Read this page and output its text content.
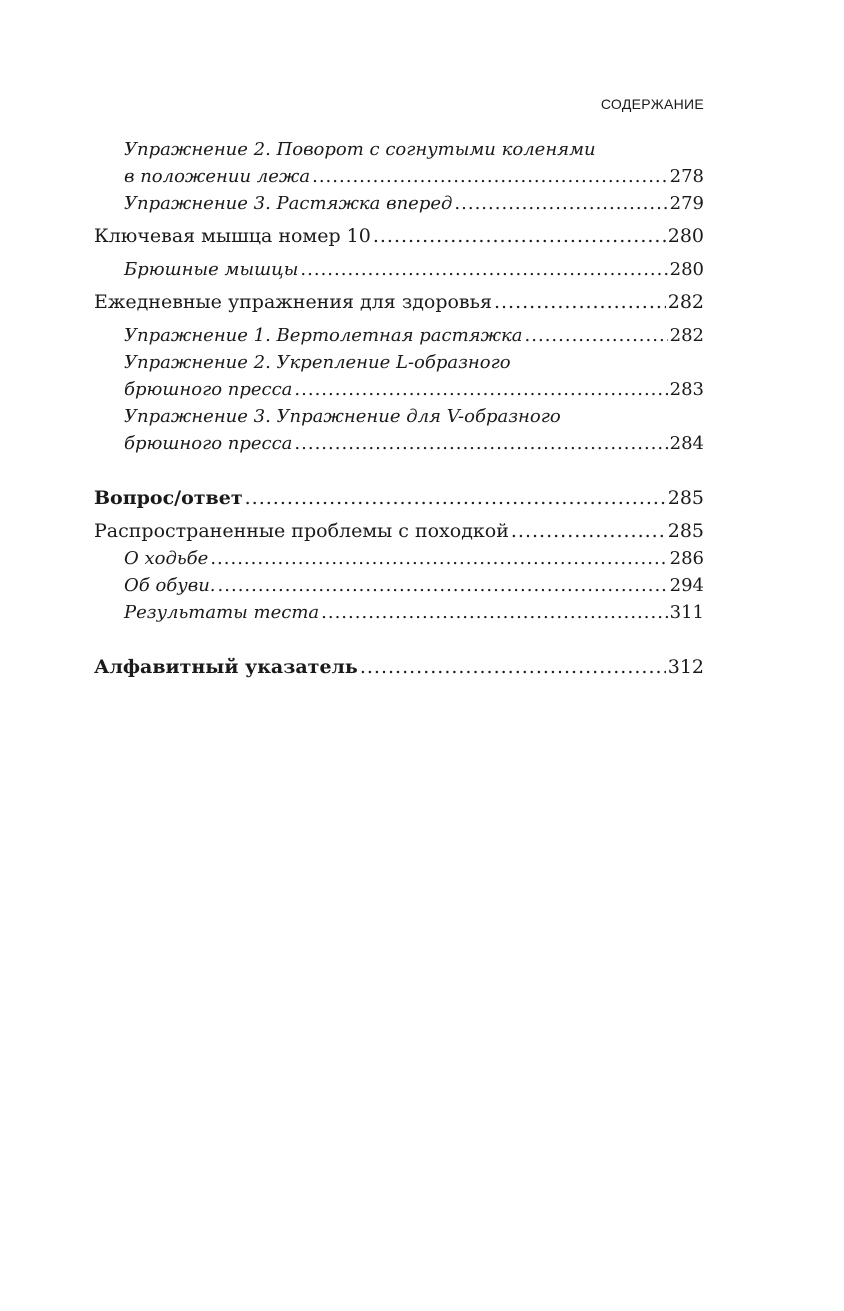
СОДЕРЖАНИЕ
Упражнение 2. Поворот с согнутыми коленями
в положении лежа .....	278
Упражнение 3. Растяжка вперед .....	279
Ключевая мышца номер 10 .....	280
Брюшные мышцы .....	280
Ежедневные упражнения для здоровья .....	282
Упражнение 1. Вертолетная растяжка .....	282
Упражнение 2. Укрепление L-образного
брюшного пресса .....	283
Упражнение 3. Упражнение для V-образного
брюшного пресса .....	284
Вопрос/ответ .....	285
Распространенные проблемы с походкой .....	285
О ходьбе .....	286
Об обуви. .....	294
Результаты теста .....	311
Алфавитный указатель .....	312
